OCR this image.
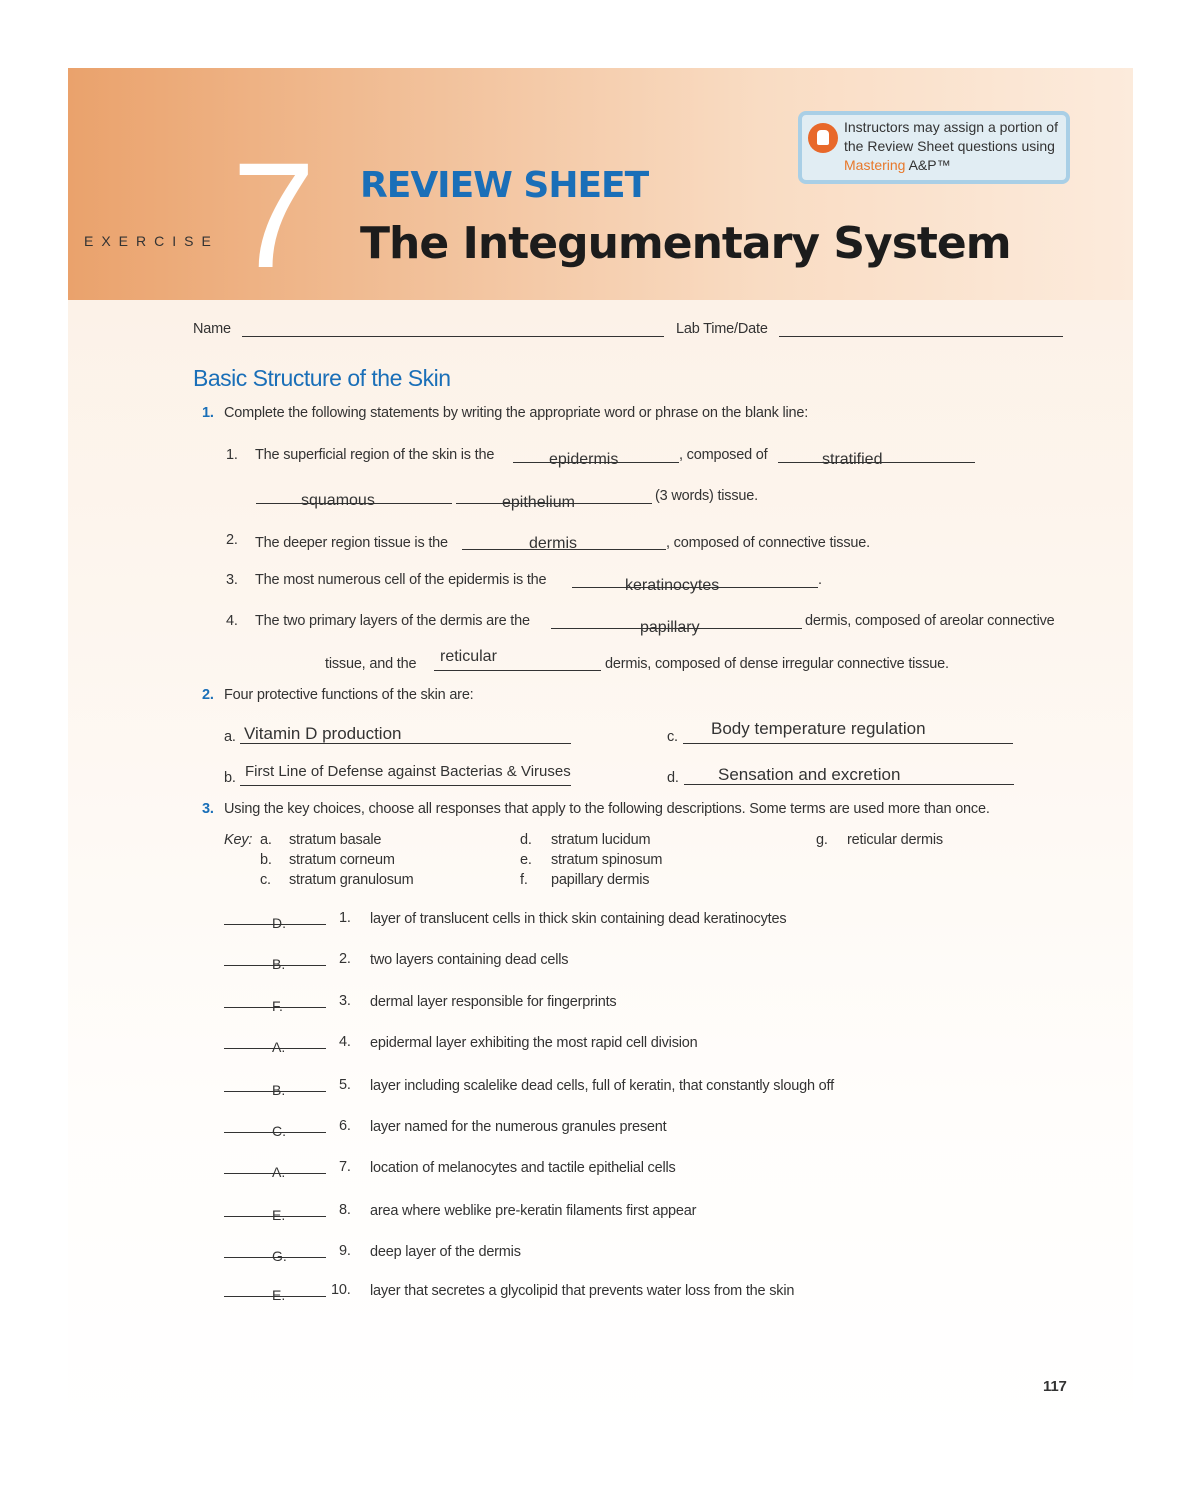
7
EXERCISE
REVIEW SHEET
The Integumentary System
Instructors may assign a portion of the Review Sheet questions using Mastering A&P™
Name	Lab Time/Date
Basic Structure of the Skin
1. Complete the following statements by writing the appropriate word or phrase on the blank line:
1. The superficial region of the skin is the	epidermis	, composed of	stratified
squamous	epithelium	(3 words) tissue.
2. The deeper region tissue is the	dermis	, composed of connective tissue.
3. The most numerous cell of the epidermis is the	keratinocytes	.
4. The two primary layers of the dermis are the	papillary	dermis, composed of areolar connective
tissue, and the reticular	dermis, composed of dense irregular connective tissue.
2. Four protective functions of the skin are:
a. Vitamin D production
b. First Line of Defense against Bacterias & Viruses
c. Body temperature regulation
d. Sensation and excretion
3. Using the key choices, choose all responses that apply to the following descriptions. Some terms are used more than once.
Key: a. stratum basale
b. stratum corneum
c. stratum granulosum
d. stratum lucidum
e. stratum spinosum
f. papillary dermis
g. reticular dermis
D.	1. layer of translucent cells in thick skin containing dead keratinocytes
B.	2. two layers containing dead cells
F.	3. dermal layer responsible for fingerprints
A.	4. epidermal layer exhibiting the most rapid cell division
B.	5. layer including scalelike dead cells, full of keratin, that constantly slough off
C.	6. layer named for the numerous granules present
A.	7. location of melanocytes and tactile epithelial cells
E.	8. area where weblike pre-keratin filaments first appear
G.	9. deep layer of the dermis
E.	10. layer that secretes a glycolipid that prevents water loss from the skin
117
